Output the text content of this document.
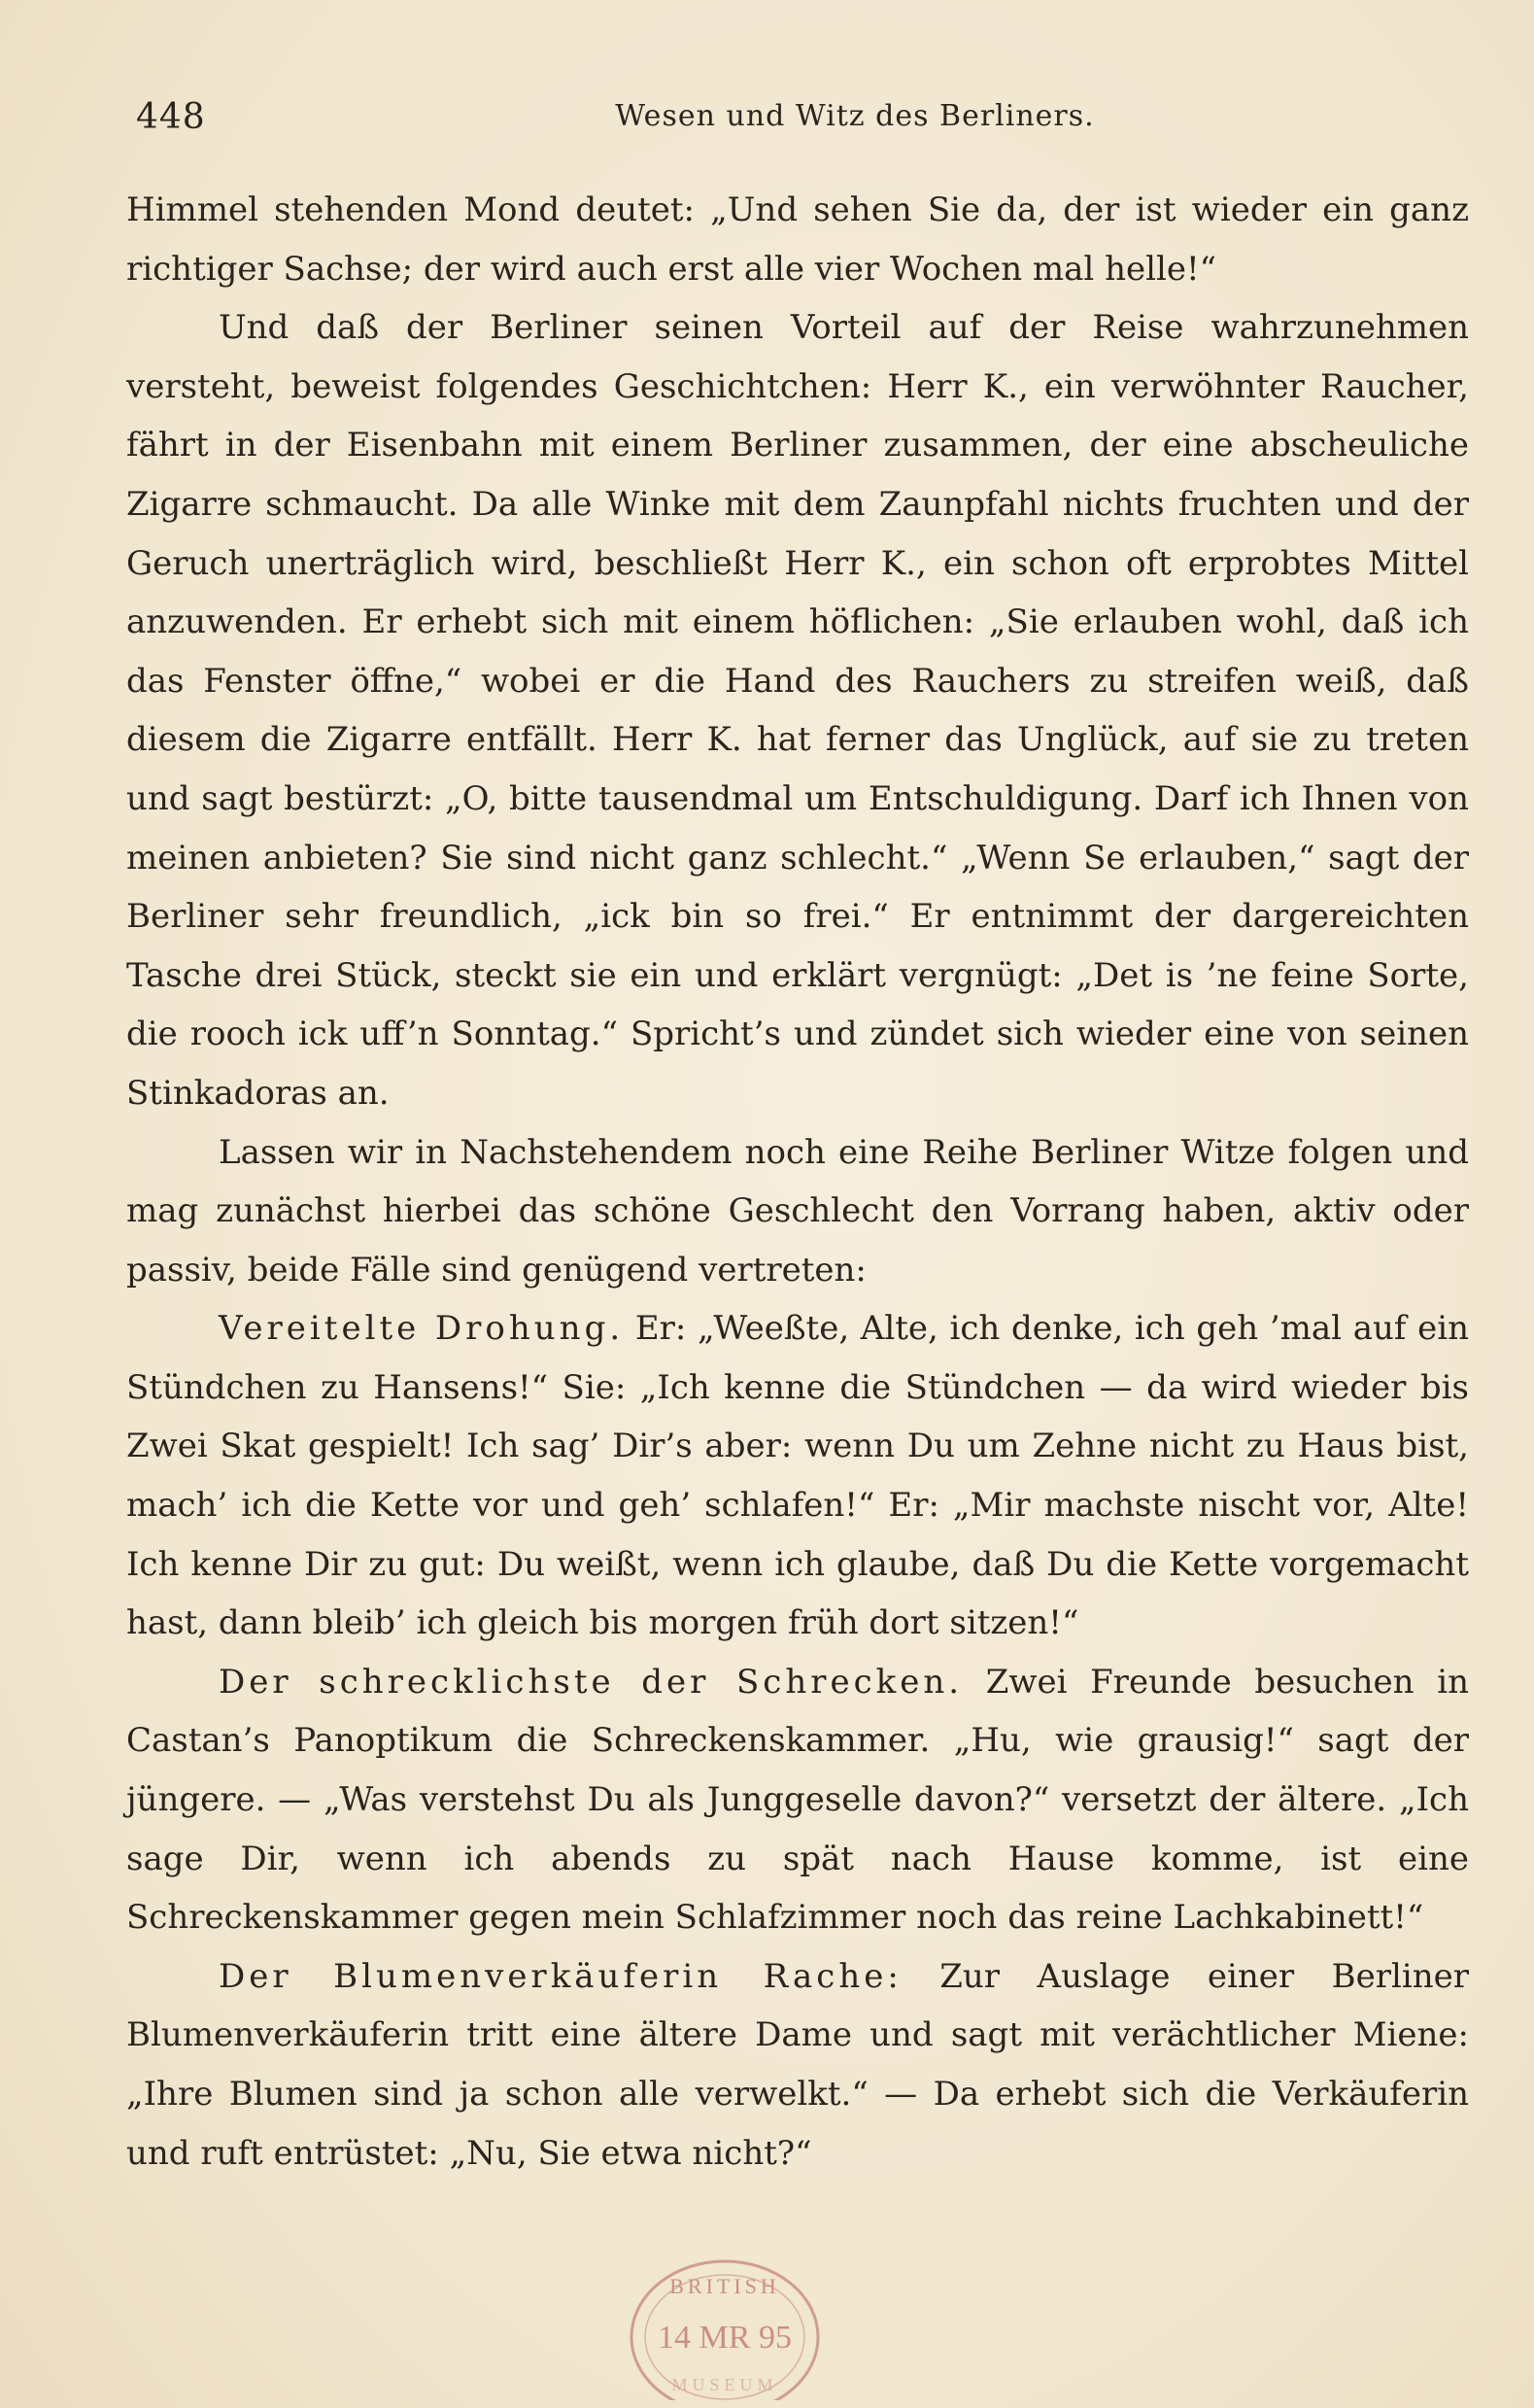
448	Wesen und Witz des Berliners.

Himmel stehenden Mond deutet: „Und sehen Sie da, der ist wieder ein ganz richtiger Sachse; der wird auch erst alle vier Wochen mal helle!“

Und daß der Berliner seinen Vorteil auf der Reise wahrzunehmen versteht, beweist folgendes Geschichtchen: Herr K., ein verwöhnter Raucher, fährt in der Eisenbahn mit einem Berliner zusammen, der eine abscheuliche Zigarre schmaucht. Da alle Winke mit dem Zaunpfahl nichts fruchten und der Geruch unerträglich wird, beschließt Herr K., ein schon oft erprobtes Mittel anzuwenden. Er erhebt sich mit einem höflichen: „Sie erlauben wohl, daß ich das Fenster öffne,“ wobei er die Hand des Rauchers zu streifen weiß, daß diesem die Zigarre entfällt. Herr K. hat ferner das Unglück, auf sie zu treten und sagt bestürzt: „O, bitte tausendmal um Entschuldigung. Darf ich Ihnen von meinen anbieten? Sie sind nicht ganz schlecht.“ „Wenn Se erlauben,“ sagt der Berliner sehr freundlich, „ick bin so frei.“ Er entnimmt der dargereichten Tasche drei Stück, steckt sie ein und erklärt vergnügt: „Det is ’ne feine Sorte, die rooch ick uff’n Sonntag.“ Spricht’s und zündet sich wieder eine von seinen Stinkadoras an.

Lassen wir in Nachstehendem noch eine Reihe Berliner Witze folgen und mag zunächst hierbei das schöne Geschlecht den Vorrang haben, aktiv oder passiv, beide Fälle sind genügend vertreten:

Vereitelte Drohung. Er: „Weeßte, Alte, ich denke, ich geh ’mal auf ein Stündchen zu Hansens!“ Sie: „Ich kenne die Stündchen — da wird wieder bis Zwei Skat gespielt! Ich sag’ Dir’s aber: wenn Du um Zehne nicht zu Haus bist, mach’ ich die Kette vor und geh’ schlafen!“ Er: „Mir machste nischt vor, Alte! Ich kenne Dir zu gut: Du weißt, wenn ich glaube, daß Du die Kette vorgemacht hast, dann bleib’ ich gleich bis morgen früh dort sitzen!“

Der schrecklichste der Schrecken. Zwei Freunde besuchen in Castan’s Panoptikum die Schreckenskammer. „Hu, wie grausig!“ sagt der jüngere. — „Was verstehst Du als Junggeselle davon?“ versetzt der ältere. „Ich sage Dir, wenn ich abends zu spät nach Hause komme, ist eine Schreckenskammer gegen mein Schlafzimmer noch das reine Lachkabinett!“

Der Blumenverkäuferin Rache: Zur Auslage einer Berliner Blumenverkäuferin tritt eine ältere Dame und sagt mit verächtlicher Miene: „Ihre Blumen sind ja schon alle verwelkt.“ — Da erhebt sich die Verkäuferin und ruft entrüstet: „Nu, Sie etwa nicht?“

BRITISH
14 MR 95
MUSEUM
